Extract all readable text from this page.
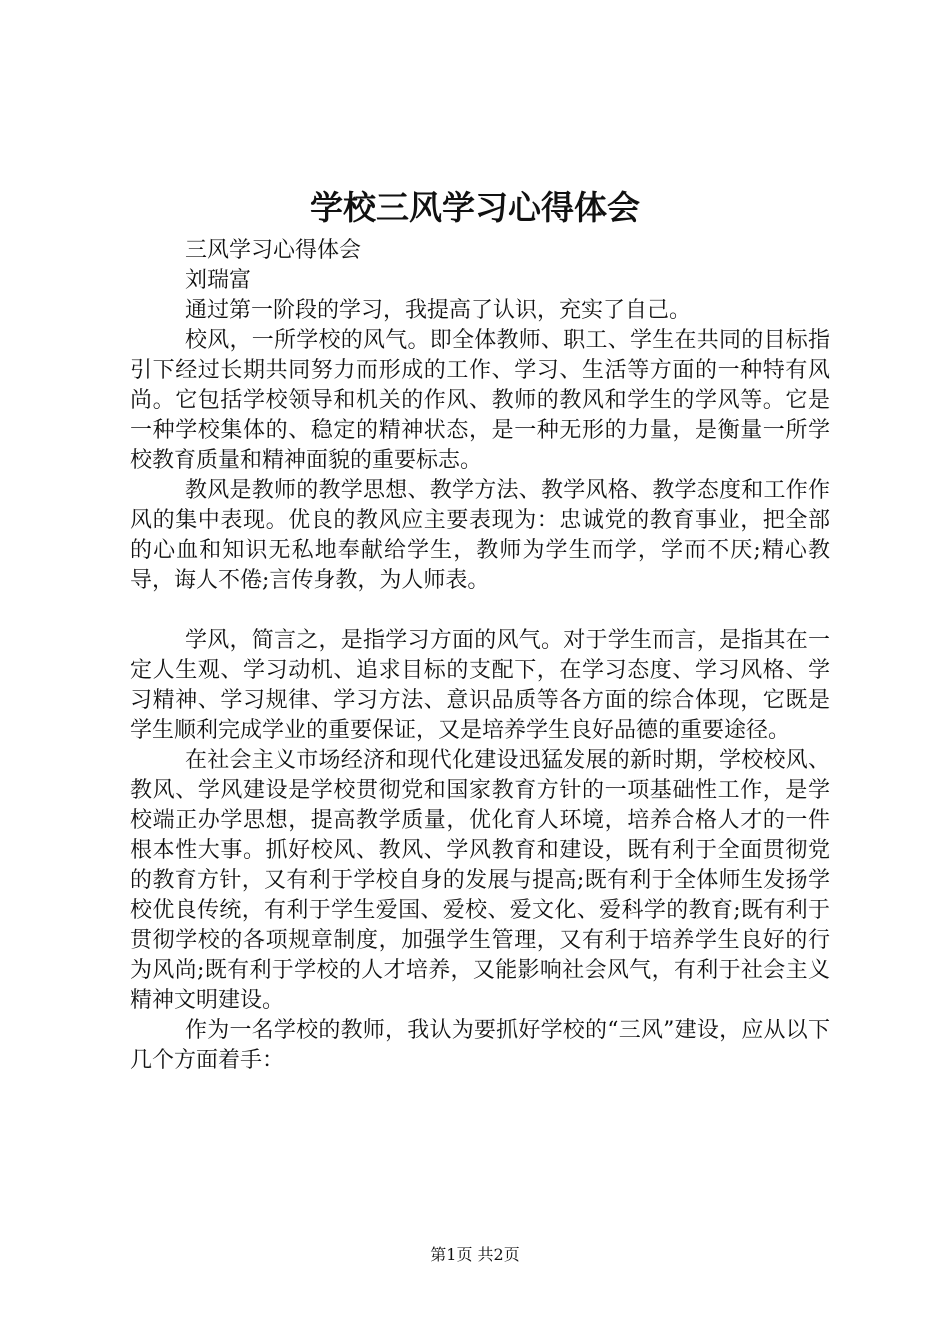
学校三风学习心得体会

三风学习心得体会

刘瑞富

通过第一阶段的学习，我提高了认识，充实了自己。

校风，一所学校的风气。即全体教师、职工、学生在共同的目标指引下经过长期共同努力而形成的工作、学习、生活等方面的一种特有风尚。它包括学校领导和机关的作风、教师的教风和学生的学风等。它是一种学校集体的、稳定的精神状态，是一种无形的力量，是衡量一所学校教育质量和精神面貌的重要标志。

教风是教师的教学思想、教学方法、教学风格、教学态度和工作作风的集中表现。优良的教风应主要表现为：忠诚党的教育事业，把全部的心血和知识无私地奉献给学生，教师为学生而学，学而不厌;精心教导，诲人不倦;言传身教，为人师表。

学风，简言之，是指学习方面的风气。对于学生而言，是指其在一定人生观、学习动机、追求目标的支配下，在学习态度、学习风格、学习精神、学习规律、学习方法、意识品质等各方面的综合体现，它既是学生顺利完成学业的重要保证，又是培养学生良好品德的重要途径。

在社会主义市场经济和现代化建设迅猛发展的新时期，学校校风、教风、学风建设是学校贯彻党和国家教育方针的一项基础性工作，是学校端正办学思想，提高教学质量，优化育人环境，培养合格人才的一件根本性大事。抓好校风、教风、学风教育和建设，既有利于全面贯彻党的教育方针，又有利于学校自身的发展与提高;既有利于全体师生发扬学校优良传统，有利于学生爱国、爱校、爱文化、爱科学的教育;既有利于贯彻学校的各项规章制度，加强学生管理，又有利于培养学生良好的行为风尚;既有利于学校的人才培养，又能影响社会风气，有利于社会主义精神文明建设。

作为一名学校的教师，我认为要抓好学校的“三风”建设，应从以下几个方面着手：

第1页 共2页
